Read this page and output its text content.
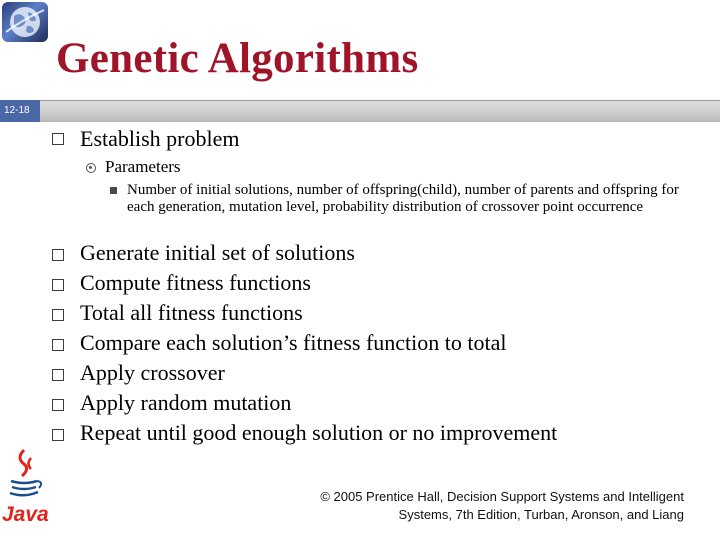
Genetic Algorithms
12-18
Establish problem
Parameters
Number of initial solutions, number of offspring(child), number of parents and offspring for each generation, mutation level, probability distribution of crossover point occurrence
Generate initial set of solutions
Compute fitness functions
Total all fitness functions
Compare each solution’s fitness function to total
Apply crossover
Apply random mutation
Repeat until good enough solution or no improvement
Java
© 2005 Prentice Hall, Decision Support Systems and Intelligent
Systems, 7th Edition, Turban, Aronson, and Liang
